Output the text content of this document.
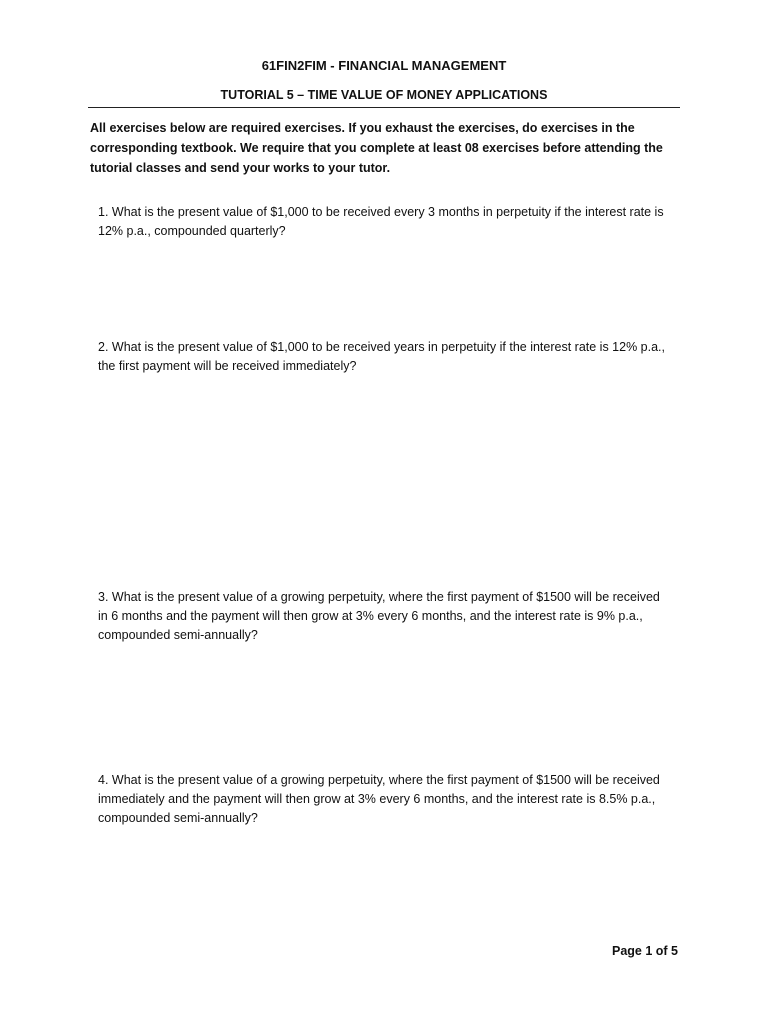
61FIN2FIM - FINANCIAL MANAGEMENT
TUTORIAL 5 – TIME VALUE OF MONEY APPLICATIONS
All exercises below are required exercises. If you exhaust the exercises, do exercises in the
corresponding textbook. We require that you complete at least 08 exercises before attending the
tutorial classes and send your works to your tutor.
1. What is the present value of $1,000 to be received every 3 months in perpetuity if the interest rate is
12% p.a., compounded quarterly?
2. What is the present value of $1,000 to be received years in perpetuity if the interest rate is 12% p.a.,
the first payment will be received immediately?
3. What is the present value of a growing perpetuity, where the first payment of $1500 will be received
in 6 months and the payment will then grow at 3% every 6 months, and the interest rate is 9% p.a.,
compounded semi-annually?
4. What is the present value of a growing perpetuity, where the first payment of $1500 will be received
immediately and the payment will then grow at 3% every 6 months, and the interest rate is 8.5% p.a.,
compounded semi-annually?
Page 1 of 5
